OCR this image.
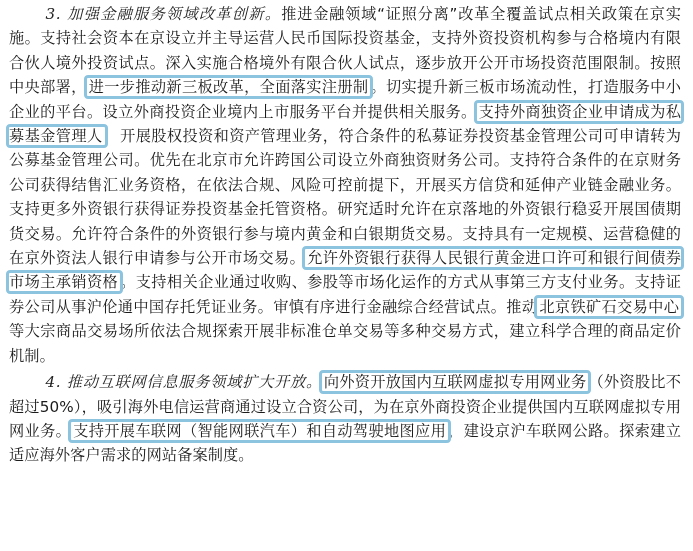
3. 加强金融服务领域改革创新。推进金融领域“证照分离”改革全覆盖试点相关政策在京实施。支持社会资本在京设立并主导运营人民币国际投资基金，支持外资投资机构参与合格境内有限合伙人境外投资试点。深入实施合格境外有限合伙人试点，逐步放开公开市场投资范围限制。按照中央部署， 进一步推动新三板改革，全面落实注册制 。切实提升新三板市场流动性，打造服务中小企业的平台。设立外商投资企业境内上市服务平台并提供相关服务。 支持外商独资企业申请成为私募基金管理人 ，开展股权投资和资产管理业务，符合条件的私募证券投资基金管理公司可申请转为公募基金管理公司。优先在北京市允许跨国公司设立外商独资财务公司。支持符合条件的在京财务公司获得结售汇业务资格，在依法合规、风险可控前提下，开展买方信贷和延伸产业链金融业务。支持更多外资银行获得证券投资基金托管资格。研究适时允许在京落地的外资银行稳妥开展国债期货交易。允许符合条件的外资银行参与境内黄金和白银期货交易。支持具有一定规模、运营稳健的在京外资法人银行申请参与公开市场交易。 允许外资银行获得人民银行黄金进口许可和银行间债券市场主承销资格 。支持相关企业通过收购、参股等市场化运作的方式从事第三方支付业务。支持证券公司从事沪伦通中国存托凭证业务。审慎有序进行金融综合经营试点。推动 北京铁矿石交易中心等大宗商品交易场所依法合规探索开展非标准仓单交易等多种交易方式，建立科学合理的商品定价机制。

4. 推动互联网信息服务领域扩大开放。 向外资开放国内互联网虚拟专用网业务 （外资股比不超过50%），吸引海外电信运营商通过设立合资公司，为在京外商投资企业提供国内互联网虚拟专用网业务。 支持开展车联网（智能网联汽车）和自动驾驶地图应用 ，建设京沪车联网公路。探索建立适应海外客户需求的网站备案制度。
